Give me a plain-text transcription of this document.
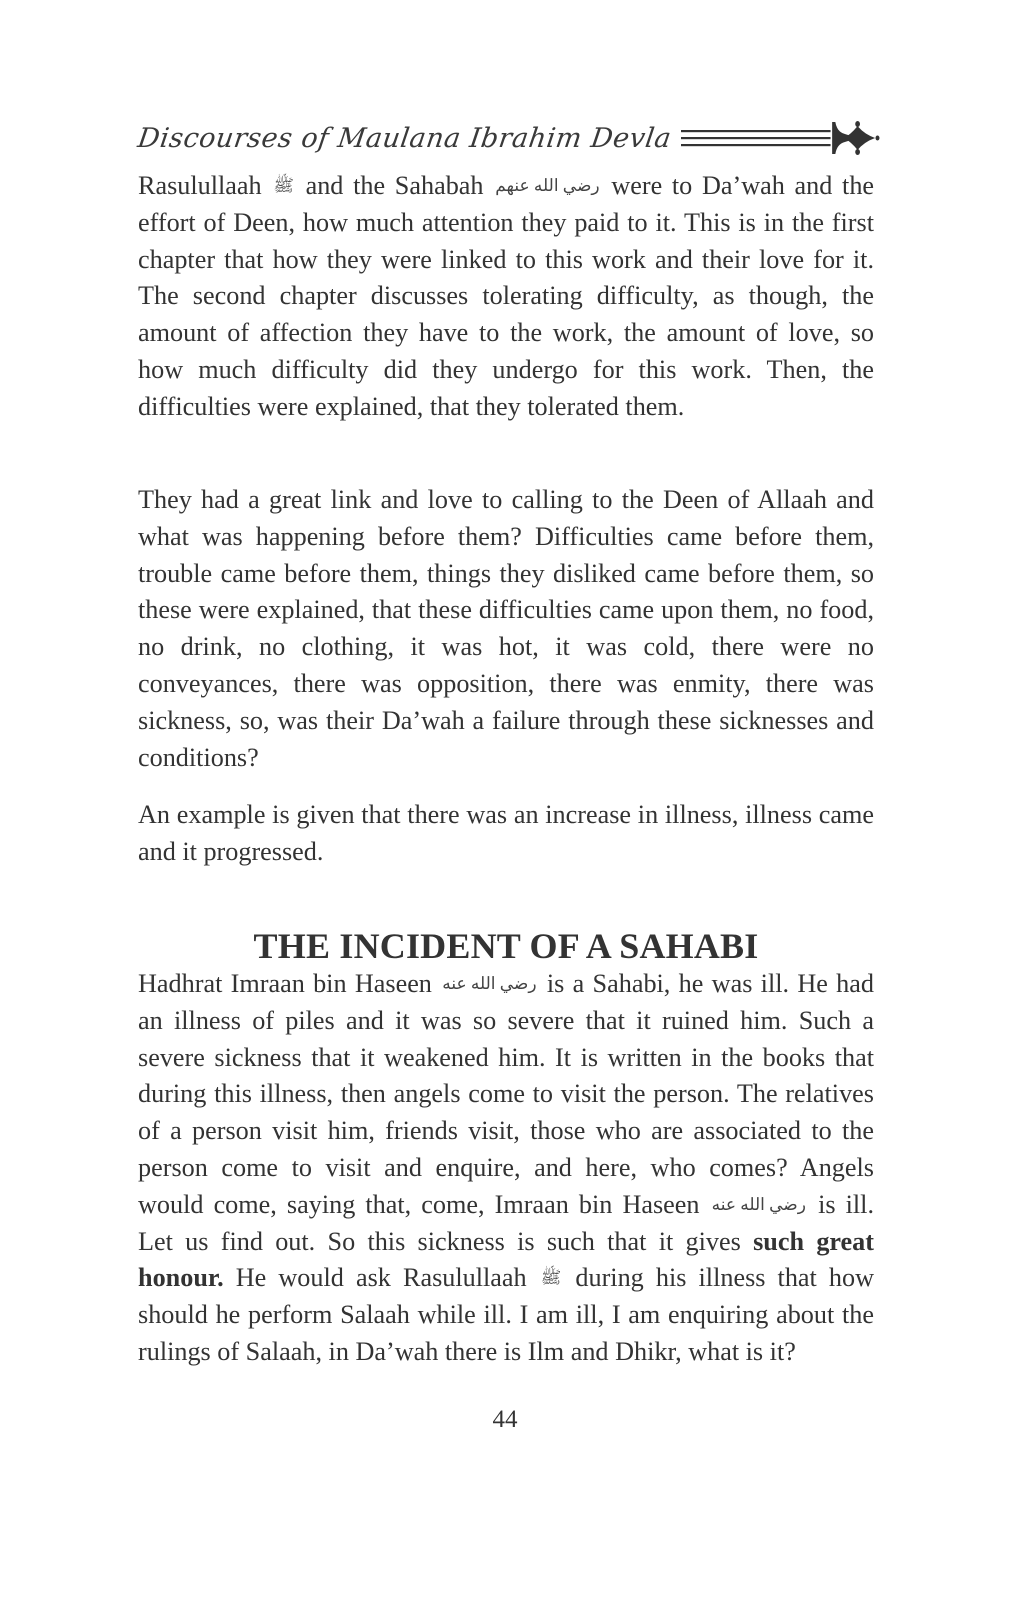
Discourses of Maulana Ibrahim Devla

Rasulullaah ﷺ and the Sahabah رضي الله عنهم were to Da’wah and the effort of Deen, how much attention they paid to it. This is in the first chapter that how they were linked to this work and their love for it. The second chapter discusses tolerating difficulty, as though, the amount of affection they have to the work, the amount of love, so how much difficulty did they undergo for this work. Then, the difficulties were explained, that they tolerated them.

They had a great link and love to calling to the Deen of Allaah and what was happening before them? Difficulties came before them, trouble came before them, things they disliked came before them, so these were explained, that these difficulties came upon them, no food, no drink, no clothing, it was hot, it was cold, there were no conveyances, there was opposition, there was enmity, there was sickness, so, was their Da’wah a failure through these sicknesses and conditions?

An example is given that there was an increase in illness, illness came and it progressed.

THE INCIDENT OF A SAHABI

Hadhrat Imraan bin Haseen رضي الله عنه is a Sahabi, he was ill. He had an illness of piles and it was so severe that it ruined him. Such a severe sickness that it weakened him. It is written in the books that during this illness, then angels come to visit the person. The relatives of a person visit him, friends visit, those who are associated to the person come to visit and enquire, and here, who comes? Angels would come, saying that, come, Imraan bin Haseen رضي الله عنه is ill. Let us find out. So this sickness is such that it gives such great honour. He would ask Rasulullaah ﷺ during his illness that how should he perform Salaah while ill. I am ill, I am enquiring about the rulings of Salaah, in Da’wah there is Ilm and Dhikr, what is it?

44
